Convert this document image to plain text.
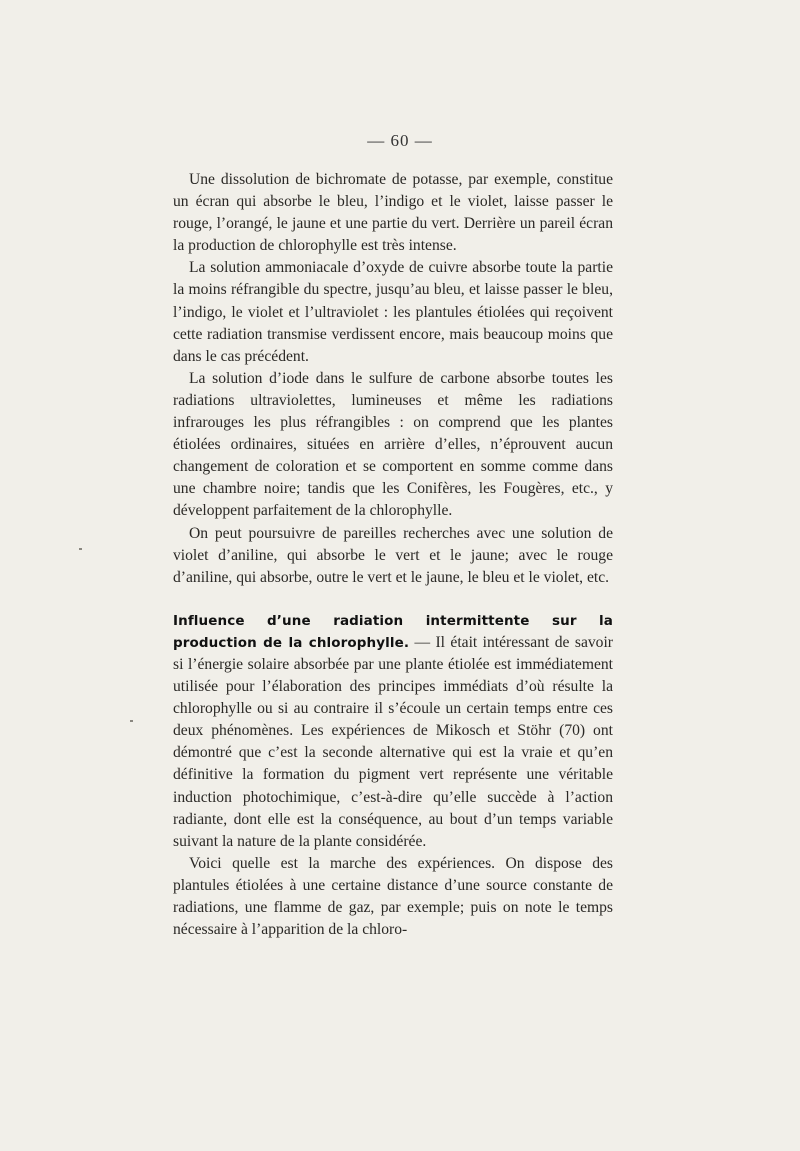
— 60 —

Une dissolution de bichromate de potasse, par exemple, constitue un écran qui absorbe le bleu, l’indigo et le violet, laisse passer le rouge, l’orangé, le jaune et une partie du vert. Derrière un pareil écran la production de chlorophylle est très intense.

La solution ammoniacale d’oxyde de cuivre absorbe toute la partie la moins réfrangible du spectre, jusqu’au bleu, et laisse passer le bleu, l’indigo, le violet et l’ultraviolet : les plantules étiolées qui reçoivent cette radiation transmise verdissent encore, mais beaucoup moins que dans le cas précédent.

La solution d’iode dans le sulfure de carbone absorbe toutes les radiations ultraviolettes, lumineuses et même les radiations infrarouges les plus réfrangibles : on comprend que les plantes étiolées ordinaires, situées en arrière d’elles, n’éprouvent aucun changement de coloration et se comportent en somme comme dans une chambre noire; tandis que les Conifères, les Fougères, etc., y développent parfaitement de la chlorophylle.

On peut poursuivre de pareilles recherches avec une solution de violet d’aniline, qui absorbe le vert et le jaune; avec le rouge d’aniline, qui absorbe, outre le vert et le jaune, le bleu et le violet, etc.

Influence d’une radiation intermittente sur la production de la chlorophylle. — Il était intéressant de savoir si l’énergie solaire absorbée par une plante étiolée est immédiatement utilisée pour l’élaboration des principes immédiats d’où résulte la chlorophylle ou si au contraire il s’écoule un certain temps entre ces deux phénomènes. Les expériences de Mikosch et Stöhr (70) ont démontré que c’est la seconde alternative qui est la vraie et qu’en définitive la formation du pigment vert représente une véritable induction photochimique, c’est-à-dire qu’elle succède à l’action radiante, dont elle est la conséquence, au bout d’un temps variable suivant la nature de la plante considérée.

Voici quelle est la marche des expériences. On dispose des plantules étiolées à une certaine distance d’une source constante de radiations, une flamme de gaz, par exemple; puis on note le temps nécessaire à l’apparition de la chloro-
